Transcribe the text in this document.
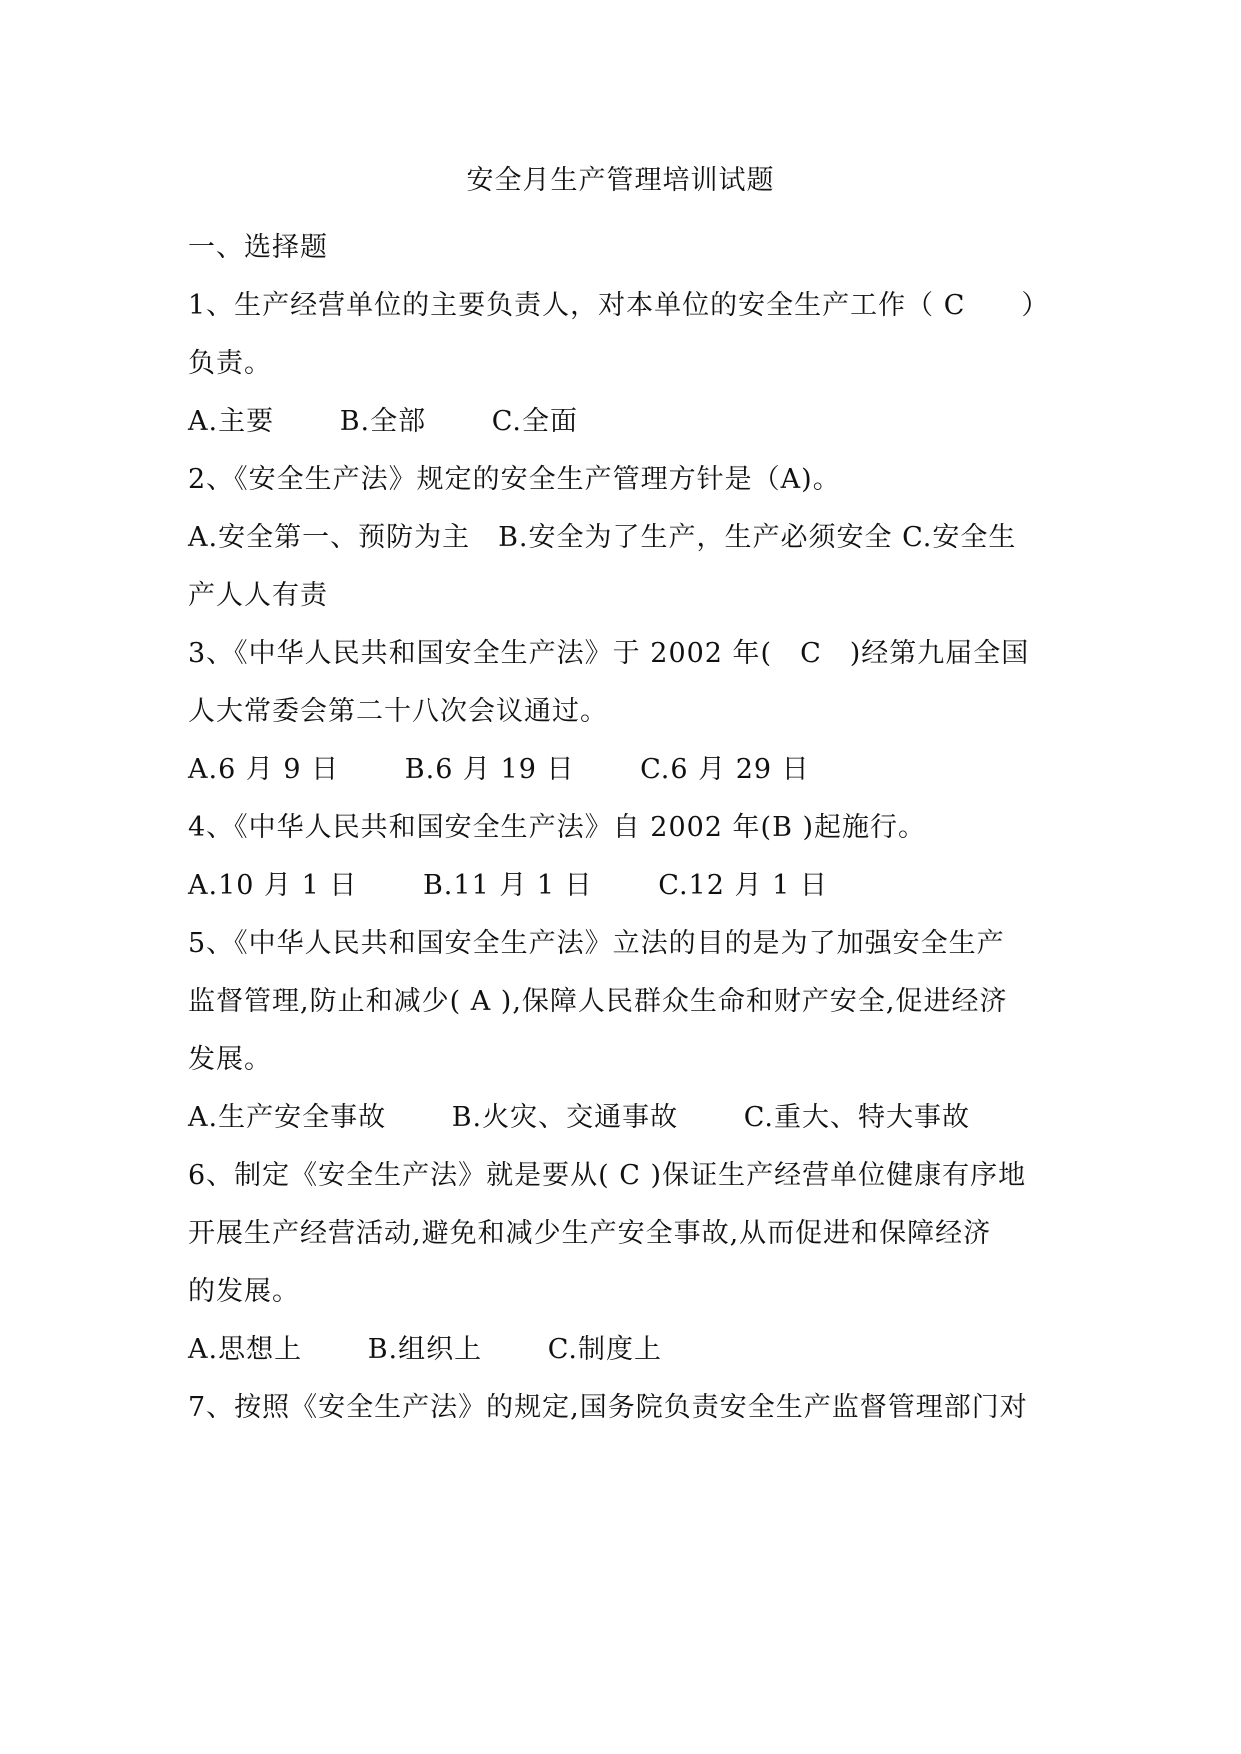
安全月生产管理培训试题
一、选择题
1、生产经营单位的主要负责人，对本单位的安全生产工作（ C　　）
负责。
A.主要 B.全部 C.全面
2、《安全生产法》规定的安全生产管理方针是（A)。
A.安全第一、预防为主　B.安全为了生产，生产必须安全 C.安全生
产人人有责
3、《中华人民共和国安全生产法》于 2002 年(　C　)经第九届全国
人大常委会第二十八次会议通过。
A.6 月 9 日 B.6 月 19 日 C.6 月 29 日
4、《中华人民共和国安全生产法》自 2002 年(B )起施行。
A.10 月 1 日 B.11 月 1 日 C.12 月 1 日
5、《中华人民共和国安全生产法》立法的目的是为了加强安全生产
监督管理,防止和减少( A ),保障人民群众生命和财产安全,促进经济
发展。
A.生产安全事故 B.火灾、交通事故 C.重大、特大事故
6、制定《安全生产法》就是要从( C )保证生产经营单位健康有序地
开展生产经营活动,避免和减少生产安全事故,从而促进和保障经济
的发展。
A.思想上 B.组织上 C.制度上
7、按照《安全生产法》的规定,国务院负责安全生产监督管理部门对
